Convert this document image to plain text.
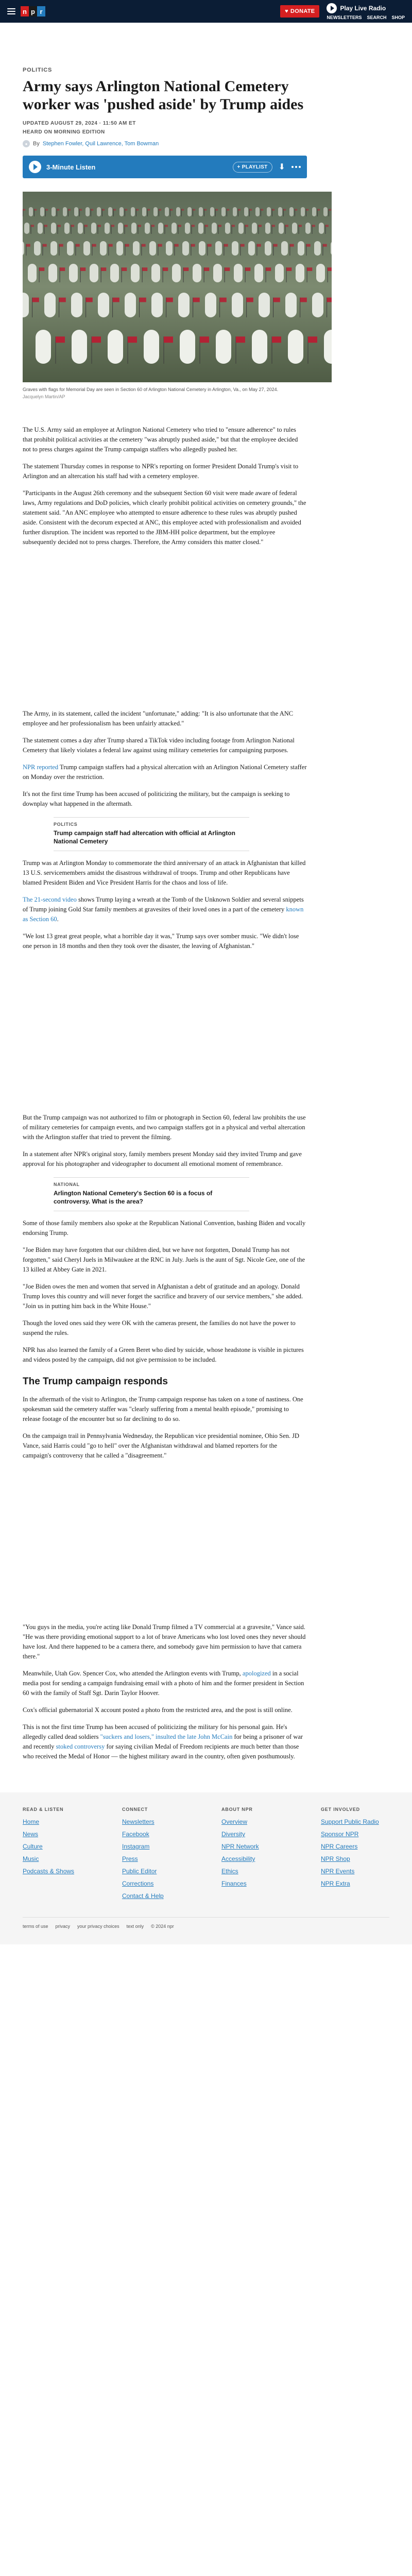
n p r	♥ DONATE	Play Live Radio
NEWSLETTERS SEARCH SHOP
POLITICS
Army says Arlington National Cemetery worker was 'pushed aside' by Trump aides
UPDATED AUGUST 29, 2024 · 11:50 AM ET
HEARD ON MORNING EDITION
● By Stephen Fowler, Quil Lawrence, Tom Bowman
3-Minute Listen	+ PLAYLIST	⬇
Graves with flags for Memorial Day are seen in Section 60 of Arlington National Cemetery in Arlington, Va., on May 27, 2024.
Jacquelyn Martin/AP

The U.S. Army said an employee at Arlington National Cemetery who tried to "ensure adherence" to rules that prohibit political activities at the cemetery "was abruptly pushed aside," but that the employee decided not to press charges against the Trump campaign staffers who allegedly pushed her.

The statement Thursday comes in response to NPR's reporting on former President Donald Trump's visit to Arlington and an altercation his staff had with a cemetery employee.

"Participants in the August 26th ceremony and the subsequent Section 60 visit were made aware of federal laws, Army regulations and DoD policies, which clearly prohibit political activities on cemetery grounds," the statement said. "An ANC employee who attempted to ensure adherence to these rules was abruptly pushed aside. Consistent with the decorum expected at ANC, this employee acted with professionalism and avoided further disruption. The incident was reported to the JBM-HH police department, but the employee subsequently decided not to press charges. Therefore, the Army considers this matter closed."

The Army, in its statement, called the incident "unfortunate," adding: "It is also unfortunate that the ANC employee and her professionalism has been unfairly attacked."

The statement comes a day after Trump shared a TikTok video including footage from Arlington National Cemetery that likely violates a federal law against using military cemeteries for campaigning purposes.

NPR reported Trump campaign staffers had a physical altercation with an Arlington National Cemetery staffer on Monday over the restriction.

It's not the first time Trump has been accused of politicizing the military, but the campaign is seeking to downplay what happened in the aftermath.

POLITICS
Trump campaign staff had altercation with official at Arlington National Cemetery

Trump was at Arlington Monday to commemorate the third anniversary of an attack in Afghanistan that killed 13 U.S. servicemembers amidst the disastrous withdrawal of troops. Trump and other Republicans have blamed President Biden and Vice President Harris for the chaos and loss of life.

The 21-second video shows Trump laying a wreath at the Tomb of the Unknown Soldier and several snippets of Trump joining Gold Star family members at gravesites of their loved ones in a part of the cemetery known as Section 60.

"We lost 13 great great people, what a horrible day it was," Trump says over somber music. "We didn't lose one person in 18 months and then they took over the disaster, the leaving of Afghanistan."

But the Trump campaign was not authorized to film or photograph in Section 60, federal law prohibits the use of military cemeteries for campaign events, and two campaign staffers got in a physical and verbal altercation with the Arlington staffer that tried to prevent the filming.

In a statement after NPR's original story, family members present Monday said they invited Trump and gave approval for his photographer and videographer to document all emotional moment of remembrance.

NATIONAL
Arlington National Cemetery's Section 60 is a focus of controversy. What is the area?

Some of those family members also spoke at the Republican National Convention, bashing Biden and vocally endorsing Trump.

"Joe Biden may have forgotten that our children died, but we have not forgotten, Donald Trump has not forgotten," said Cheryl Juels in Milwaukee at the RNC in July. Juels is the aunt of Sgt. Nicole Gee, one of the 13 killed at Abbey Gate in 2021.

"Joe Biden owes the men and women that served in Afghanistan a debt of gratitude and an apology. Donald Trump loves this country and will never forget the sacrifice and bravery of our service members," she added. "Join us in putting him back in the White House."

Though the loved ones said they were OK with the cameras present, the families do not have the power to suspend the rules.

NPR has also learned the family of a Green Beret who died by suicide, whose headstone is visible in pictures and videos posted by the campaign, did not give permission to be included.

The Trump campaign responds

In the aftermath of the visit to Arlington, the Trump campaign response has taken on a tone of nastiness. One spokesman said the cemetery staffer was "clearly suffering from a mental health episode," promising to release footage of the encounter but so far declining to do so.

On the campaign trail in Pennsylvania Wednesday, the Republican vice presidential nominee, Ohio Sen. JD Vance, said Harris could "go to hell" over the Afghanistan withdrawal and blamed reporters for the campaign's controversy that he called a "disagreement."

"You guys in the media, you're acting like Donald Trump filmed a TV commercial at a gravesite," Vance said. "He was there providing emotional support to a lot of brave Americans who lost loved ones they never should have lost. And there happened to be a camera there, and somebody gave him permission to have that camera there."

Meanwhile, Utah Gov. Spencer Cox, who attended the Arlington events with Trump, apologized in a social media post for sending a campaign fundraising email with a photo of him and the former president in Section 60 with the family of Staff Sgt. Darin Taylor Hoover.

Cox's official gubernatorial X account posted a photo from the restricted area, and the post is still online.

This is not the first time Trump has been accused of politicizing the military for his personal gain. He's allegedly called dead soldiers "suckers and losers," insulted the late John McCain for being a prisoner of war and recently stoked controversy for saying civilian Medal of Freedom recipients are much better than those who received the Medal of Honor — the highest military award in the country, often given posthumously.

READ & LISTEN
Home
News
Culture
Music
Podcasts & Shows
CONNECT
Newsletters
Facebook
Instagram
Press
Public Editor
Corrections
Contact & Help
ABOUT NPR
Overview
Diversity
NPR Network
Accessibility
Ethics
Finances
GET INVOLVED
Support Public Radio
Sponsor NPR
NPR Careers
NPR Shop
NPR Events
NPR Extra
terms of use privacy your privacy choices text only © 2024 npr
